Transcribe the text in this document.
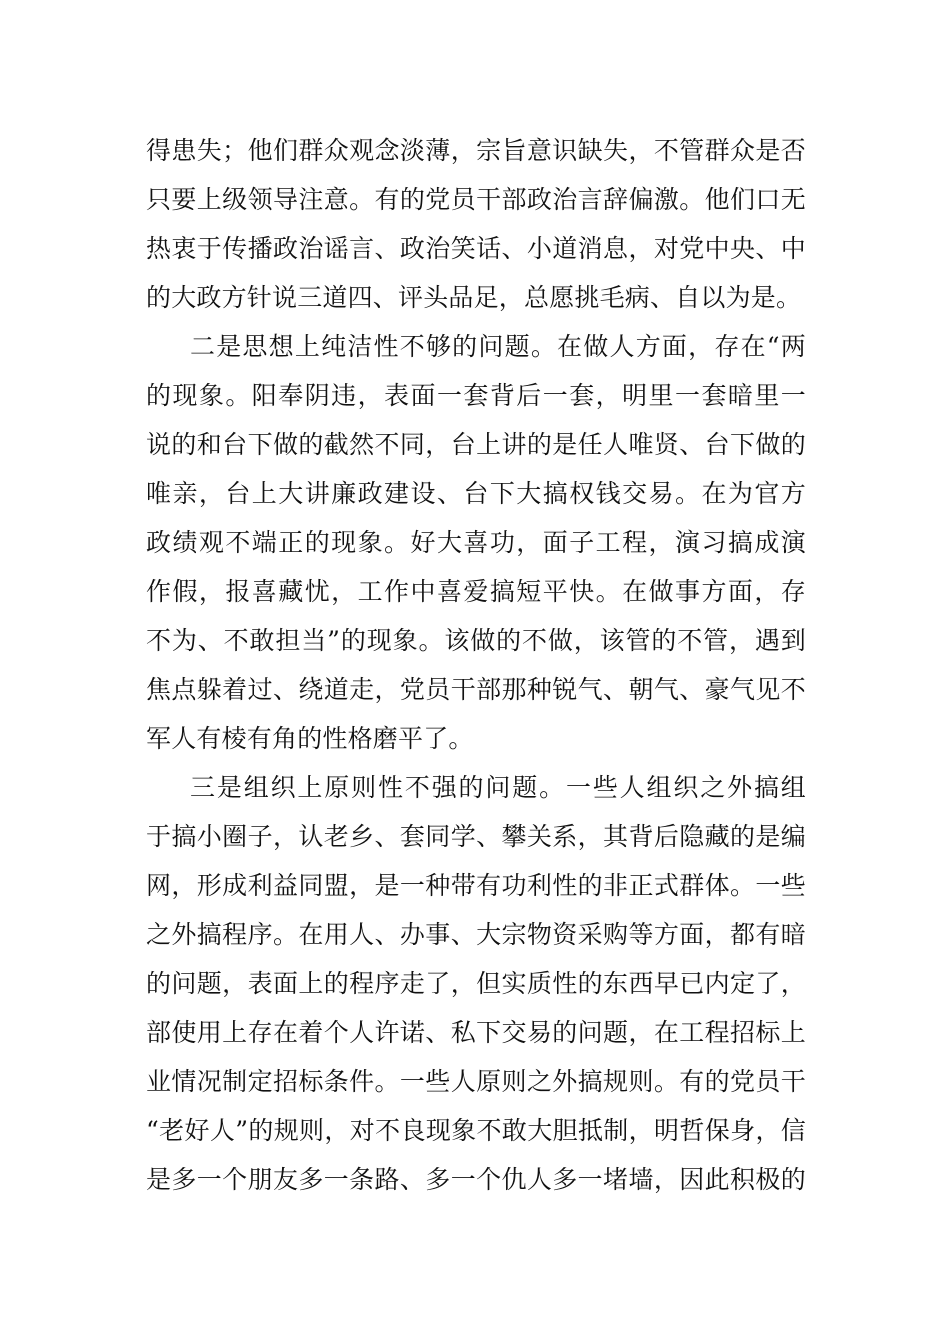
得患失；他们群众观念淡薄，宗旨意识缺失，不管群众是否
只要上级领导注意。有的党员干部政治言辞偏激。他们口无
热衷于传播政治谣言、政治笑话、小道消息，对党中央、中
的大政方针说三道四、评头品足，总愿挑毛病、自以为是。
二是思想上纯洁性不够的问题。在做人方面，存在“两
的现象。阳奉阴违，表面一套背后一套，明里一套暗里一
说的和台下做的截然不同，台上讲的是任人唯贤、台下做的
唯亲，台上大讲廉政建设、台下大搞权钱交易。在为官方
政绩观不端正的现象。好大喜功，面子工程，演习搞成演
作假，报喜藏忧，工作中喜爱搞短平快。在做事方面，存
不为、不敢担当”的现象。该做的不做，该管的不管，遇到
焦点躲着过、绕道走，党员干部那种锐气、朝气、豪气见不
军人有棱有角的性格磨平了。
三是组织上原则性不强的问题。一些人组织之外搞组
于搞小圈子，认老乡、套同学、攀关系，其背后隐藏的是编
网，形成利益同盟，是一种带有功利性的非正式群体。一些
之外搞程序。在用人、办事、大宗物资采购等方面，都有暗
的问题，表面上的程序走了，但实质性的东西早已内定了，
部使用上存在着个人许诺、私下交易的问题，在工程招标上
业情况制定招标条件。一些人原则之外搞规则。有的党员干
“老好人”的规则，对不良现象不敢大胆抵制，明哲保身，信
是多一个朋友多一条路、多一个仇人多一堵墙，因此积极的
